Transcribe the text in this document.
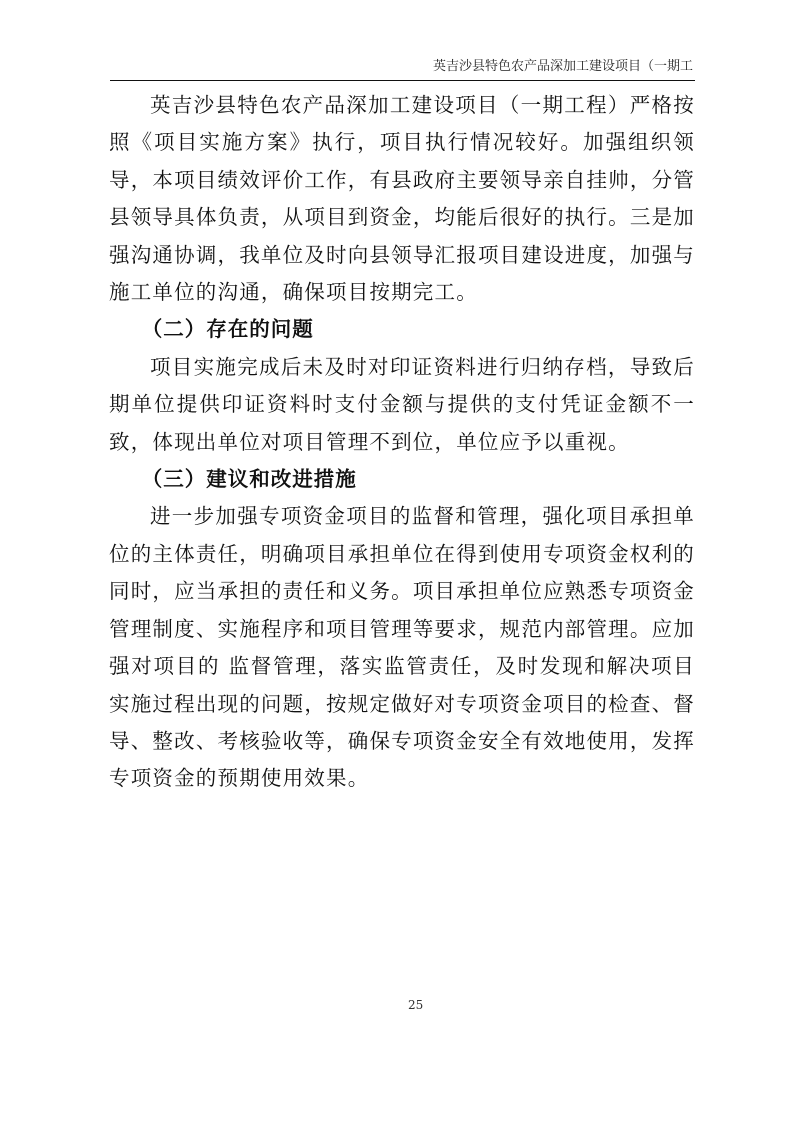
英吉沙县特色农产品深加工建设项目（一期工

英吉沙县特色农产品深加工建设项目（一期工程）严格按照《项目实施方案》执行，项目执行情况较好。加强组织领导，本项目绩效评价工作，有县政府主要领导亲自挂帅，分管县领导具体负责，从项目到资金，均能后很好的执行。三是加强沟通协调，我单位及时向县领导汇报项目建设进度，加强与施工单位的沟通，确保项目按期完工。

（二）存在的问题

项目实施完成后未及时对印证资料进行归纳存档，导致后期单位提供印证资料时支付金额与提供的支付凭证金额不一致，体现出单位对项目管理不到位，单位应予以重视。

（三）建议和改进措施

进一步加强专项资金项目的监督和管理，强化项目承担单位的主体责任，明确项目承担单位在得到使用专项资金权利的同时，应当承担的责任和义务。项目承担单位应熟悉专项资金管理制度、实施程序和项目管理等要求，规范内部管理。应加强对项目的 监督管理，落实监管责任，及时发现和解决项目实施过程出现的问题，按规定做好对专项资金项目的检查、督导、整改、考核验收等，确保专项资金安全有效地使用，发挥专项资金的预期使用效果。

25
